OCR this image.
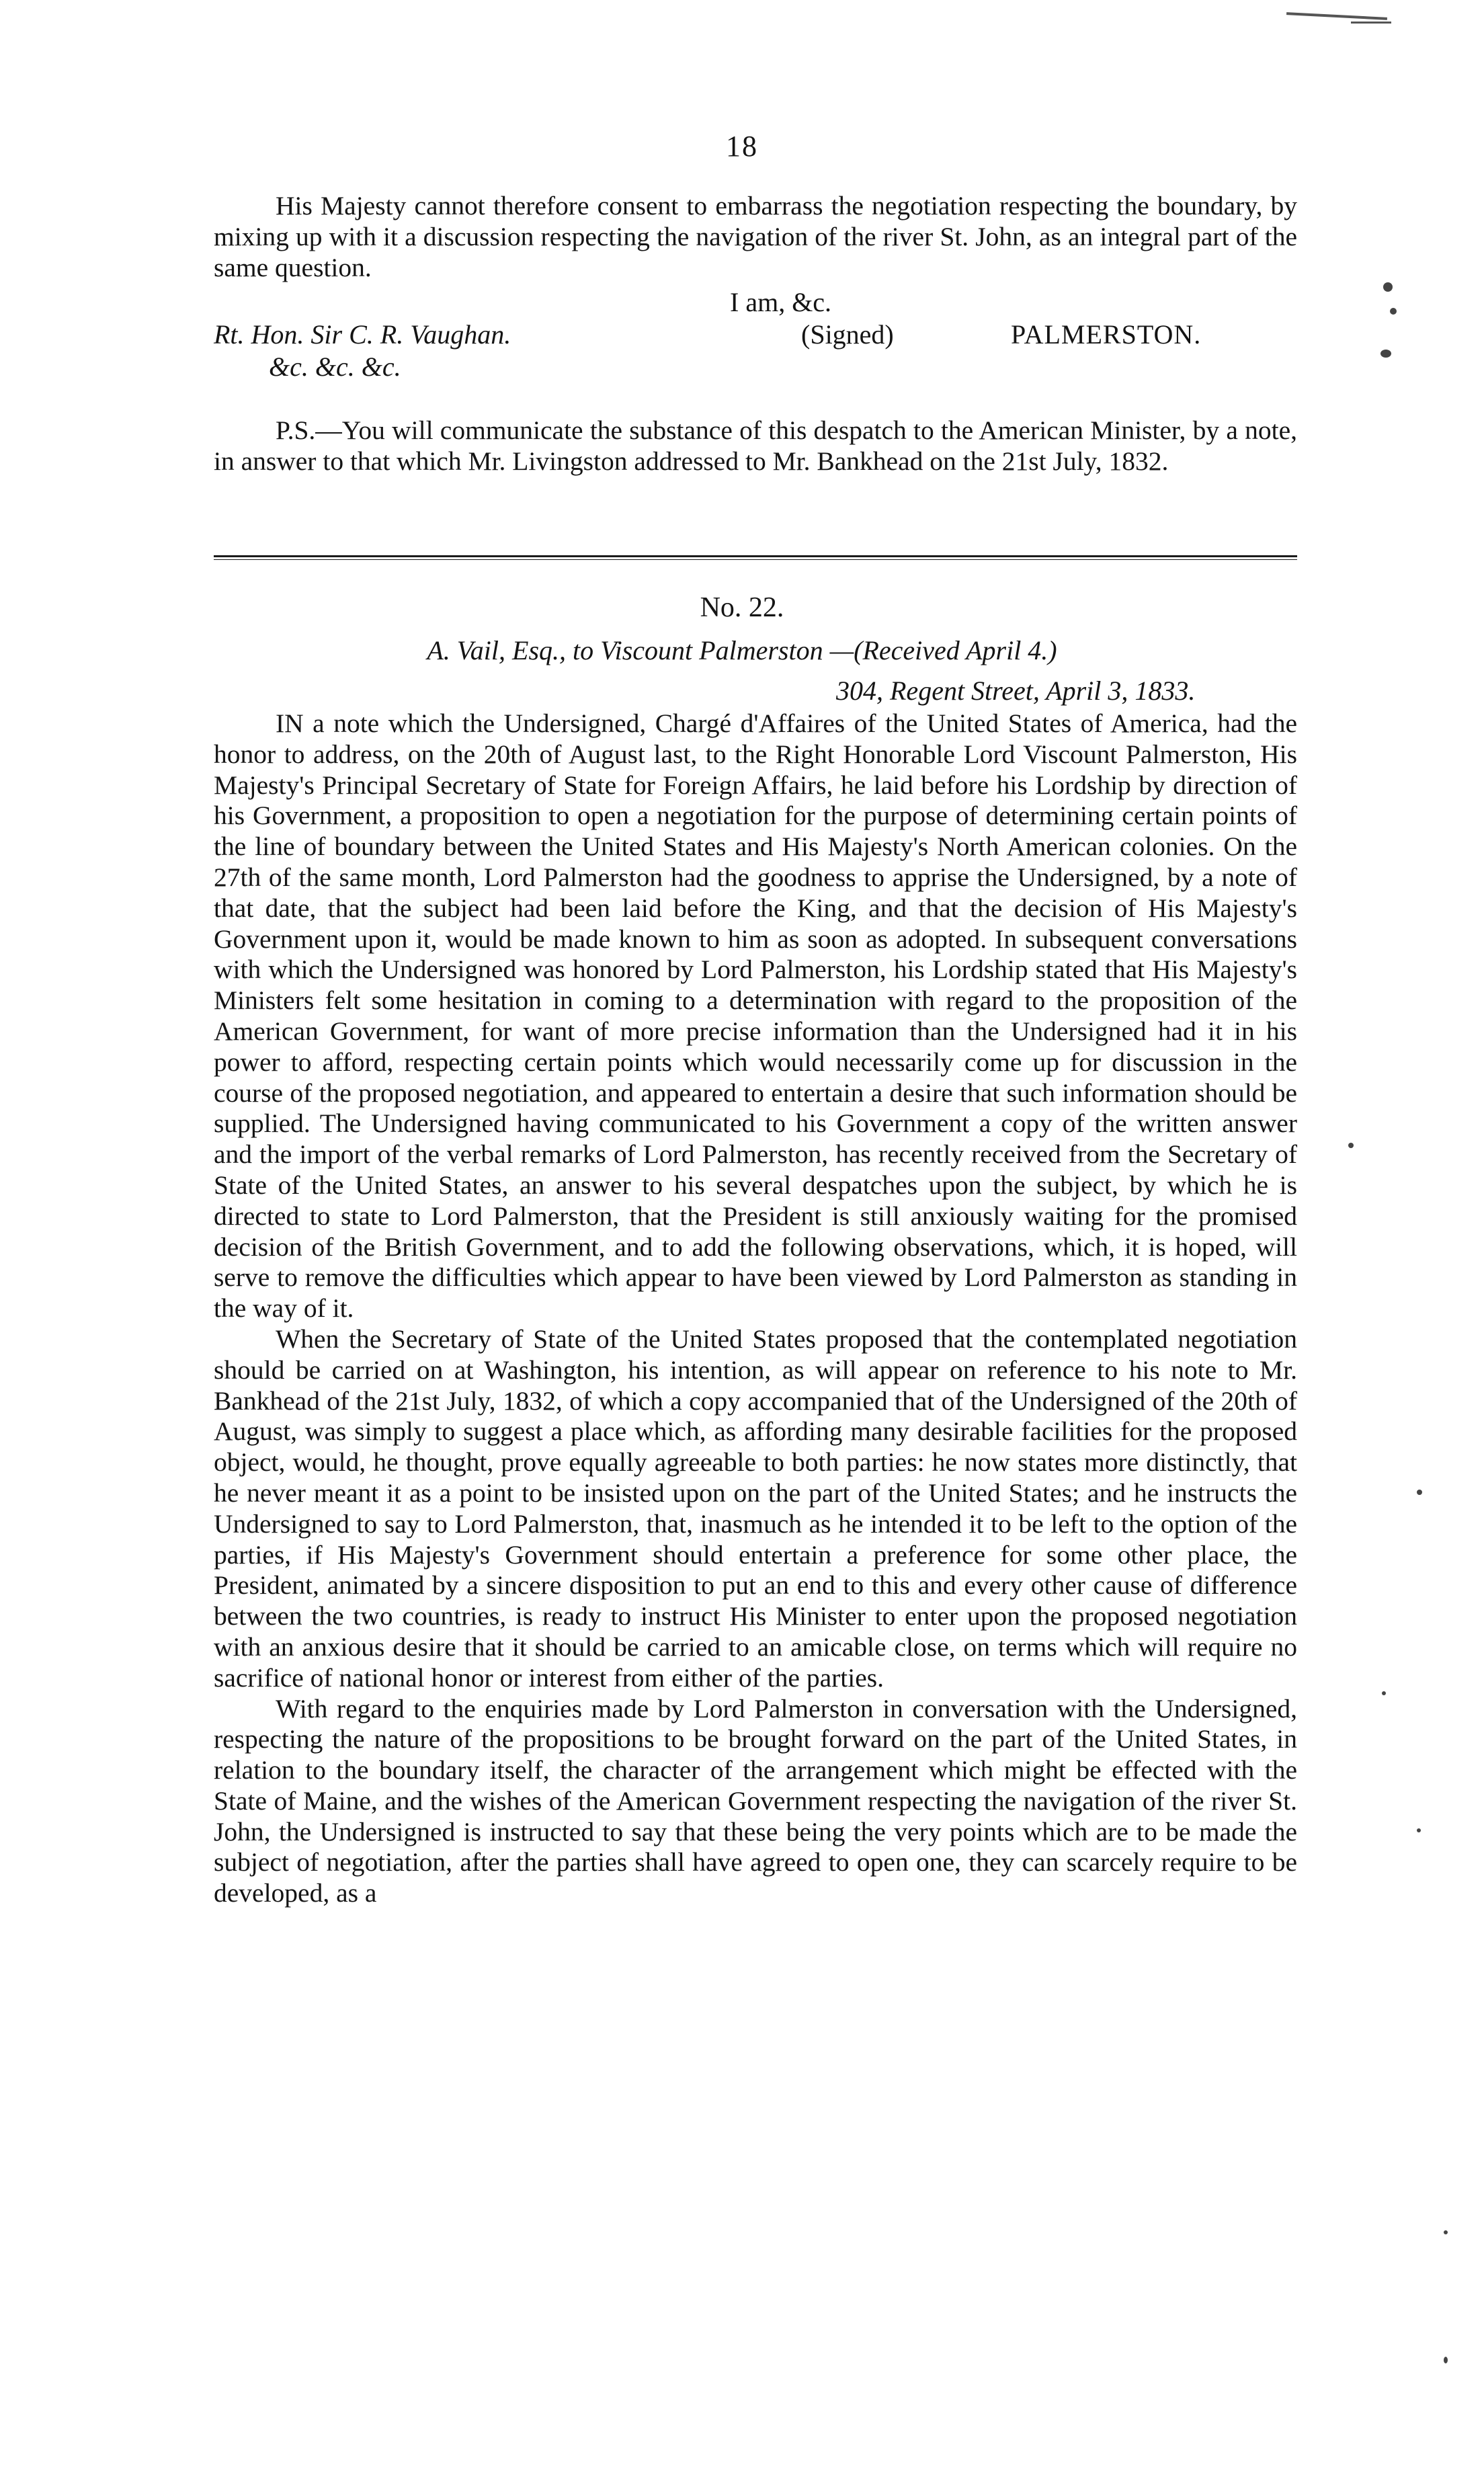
18

His Majesty cannot therefore consent to embarrass the negotiation respecting the boundary, by mixing up with it a discussion respecting the navigation of the river St. John, as an integral part of the same question.

I am, &c.
Rt. Hon. Sir C. R. Vaughan.	(Signed)	PALMERSTON.
&c. &c. &c.

P.S.—You will communicate the substance of this despatch to the American Minister, by a note, in answer to that which Mr. Livingston addressed to Mr. Bankhead on the 21st July, 1832.

No. 22.
A. Vail, Esq., to Viscount Palmerston —(Received April 4.)
304, Regent Street, April 3, 1833.

IN a note which the Undersigned, Chargé d'Affaires of the United States of America, had the honor to address, on the 20th of August last, to the Right Honorable Lord Viscount Palmerston, His Majesty's Principal Secretary of State for Foreign Affairs, he laid before his Lordship by direction of his Government, a proposition to open a negotiation for the purpose of determining certain points of the line of boundary between the United States and His Majesty's North American colonies. On the 27th of the same month, Lord Palmerston had the goodness to apprise the Undersigned, by a note of that date, that the subject had been laid before the King, and that the decision of His Majesty's Government upon it, would be made known to him as soon as adopted. In subsequent conversations with which the Undersigned was honored by Lord Palmerston, his Lordship stated that His Majesty's Ministers felt some hesitation in coming to a determination with regard to the proposition of the American Government, for want of more precise information than the Undersigned had it in his power to afford, respecting certain points which would necessarily come up for discussion in the course of the proposed negotiation, and appeared to entertain a desire that such information should be supplied. The Undersigned having communicated to his Government a copy of the written answer and the import of the verbal remarks of Lord Palmerston, has recently received from the Secretary of State of the United States, an answer to his several despatches upon the subject, by which he is directed to state to Lord Palmerston, that the President is still anxiously waiting for the promised decision of the British Government, and to add the following observations, which, it is hoped, will serve to remove the difficulties which appear to have been viewed by Lord Palmerston as standing in the way of it.

When the Secretary of State of the United States proposed that the contemplated negotiation should be carried on at Washington, his intention, as will appear on reference to his note to Mr. Bankhead of the 21st July, 1832, of which a copy accompanied that of the Undersigned of the 20th of August, was simply to suggest a place which, as affording many desirable facilities for the proposed object, would, he thought, prove equally agreeable to both parties: he now states more distinctly, that he never meant it as a point to be insisted upon on the part of the United States; and he instructs the Undersigned to say to Lord Palmerston, that, inasmuch as he intended it to be left to the option of the parties, if His Majesty's Government should entertain a preference for some other place, the President, animated by a sincere disposition to put an end to this and every other cause of difference between the two countries, is ready to instruct His Minister to enter upon the proposed negotiation with an anxious desire that it should be carried to an amicable close, on terms which will require no sacrifice of national honor or interest from either of the parties.

With regard to the enquiries made by Lord Palmerston in conversation with the Undersigned, respecting the nature of the propositions to be brought forward on the part of the United States, in relation to the boundary itself, the character of the arrangement which might be effected with the State of Maine, and the wishes of the American Government respecting the navigation of the river St. John, the Undersigned is instructed to say that these being the very points which are to be made the subject of negotiation, after the parties shall have agreed to open one, they can scarcely require to be developed, as a
